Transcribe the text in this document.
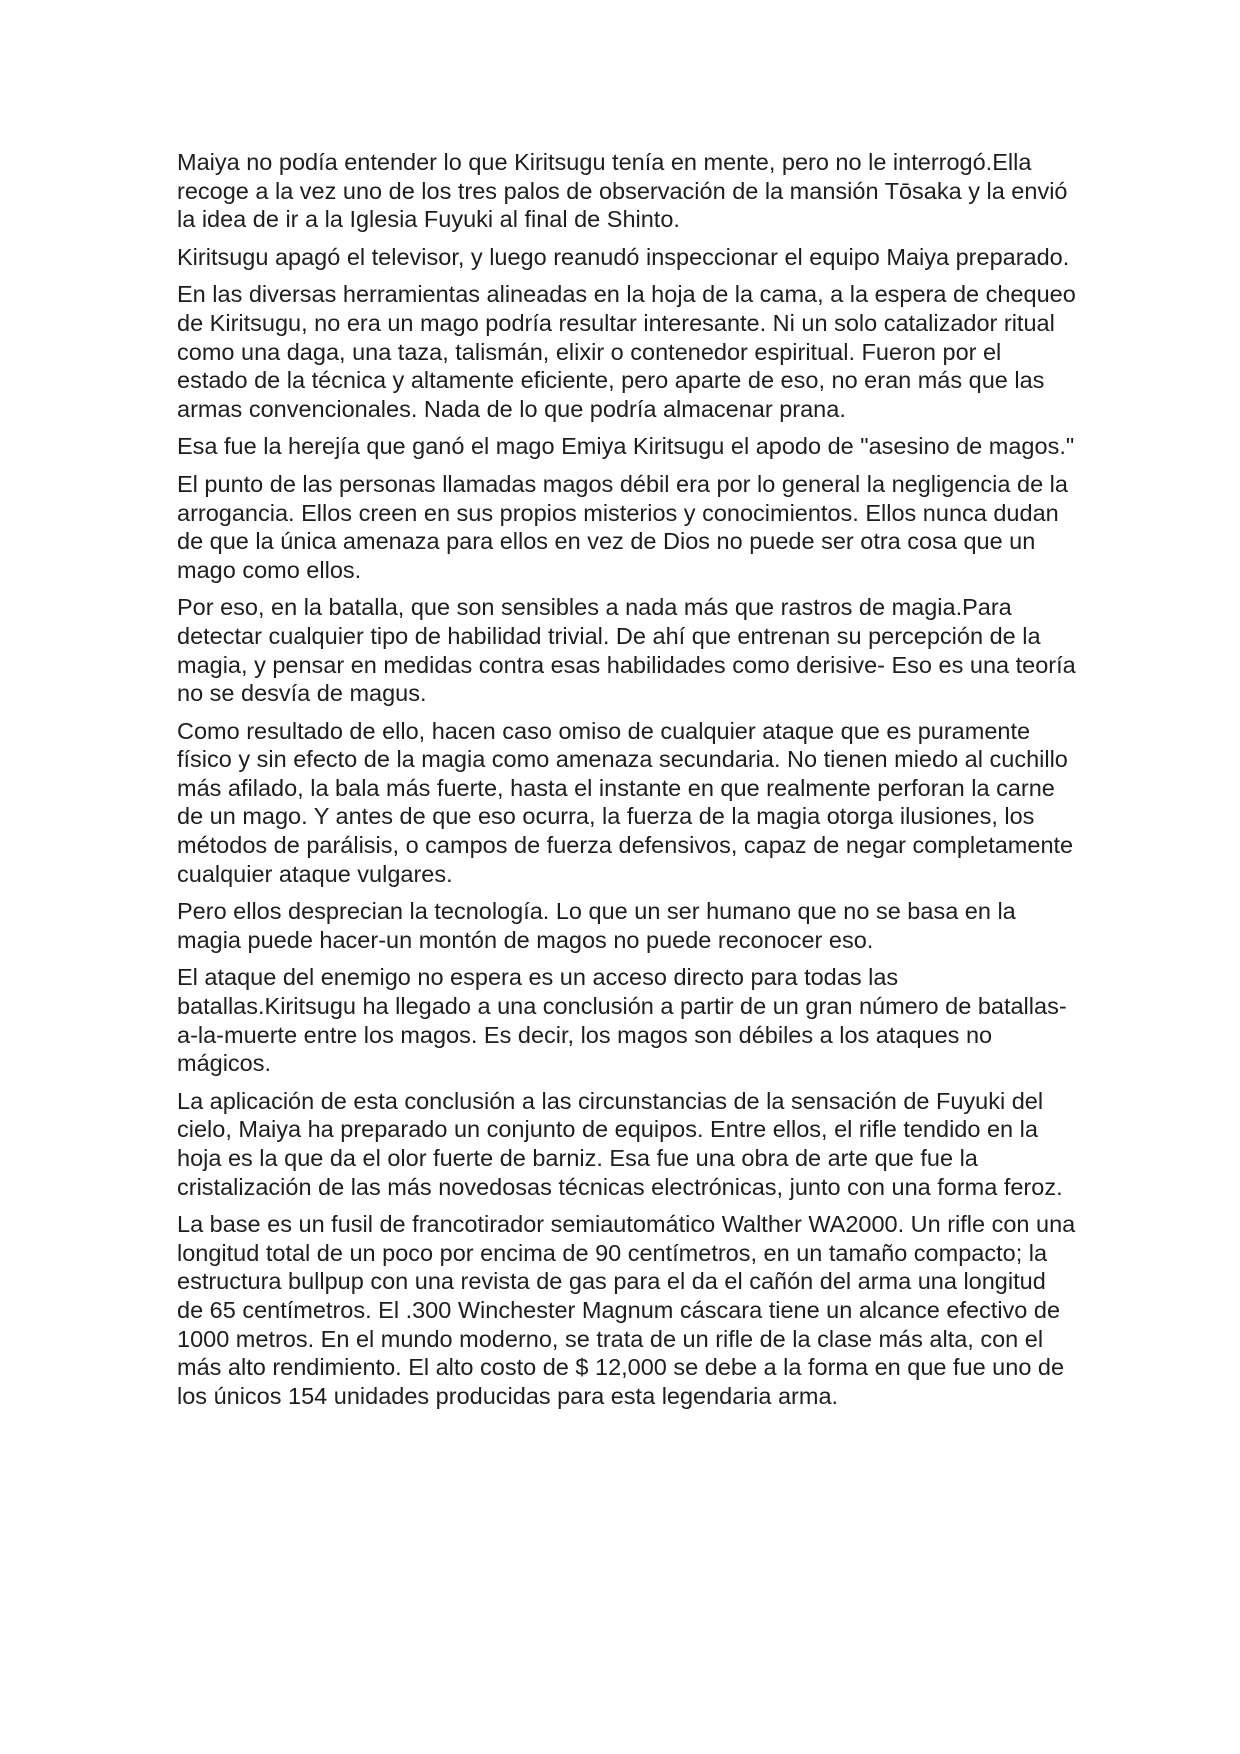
Maiya no podía entender lo que Kiritsugu tenía en mente, pero no le interrogó.Ella recoge a la vez uno de los tres palos de observación de la mansión Tōsaka y la envió la idea de ir a la Iglesia Fuyuki al final de Shinto.

Kiritsugu apagó el televisor, y luego reanudó inspeccionar el equipo Maiya preparado.

En las diversas herramientas alineadas en la hoja de la cama, a la espera de chequeo de Kiritsugu, no era un mago podría resultar interesante. Ni un solo catalizador ritual como una daga, una taza, talismán, elixir o contenedor espiritual. Fueron por el estado de la técnica y altamente eficiente, pero aparte de eso, no eran más que las armas convencionales. Nada de lo que podría almacenar prana.

Esa fue la herejía que ganó el mago Emiya Kiritsugu el apodo de "asesino de magos."

El punto de las personas llamadas magos débil era por lo general la negligencia de la arrogancia. Ellos creen en sus propios misterios y conocimientos. Ellos nunca dudan de que la única amenaza para ellos en vez de Dios no puede ser otra cosa que un mago como ellos.

Por eso, en la batalla, que son sensibles a nada más que rastros de magia.Para detectar cualquier tipo de habilidad trivial. De ahí que entrenan su percepción de la magia, y pensar en medidas contra esas habilidades como derisive- Eso es una teoría no se desvía de magus.

Como resultado de ello, hacen caso omiso de cualquier ataque que es puramente físico y sin efecto de la magia como amenaza secundaria. No tienen miedo al cuchillo más afilado, la bala más fuerte, hasta el instante en que realmente perforan la carne de un mago. Y antes de que eso ocurra, la fuerza de la magia otorga ilusiones, los métodos de parálisis, o campos de fuerza defensivos, capaz de negar completamente cualquier ataque vulgares.

Pero ellos desprecian la tecnología. Lo que un ser humano que no se basa en la magia puede hacer-un montón de magos no puede reconocer eso.

El ataque del enemigo no espera es un acceso directo para todas las batallas.Kiritsugu ha llegado a una conclusión a partir de un gran número de batallas-a-la-muerte entre los magos. Es decir, los magos son débiles a los ataques no mágicos.

La aplicación de esta conclusión a las circunstancias de la sensación de Fuyuki del cielo, Maiya ha preparado un conjunto de equipos. Entre ellos, el rifle tendido en la hoja es la que da el olor fuerte de barniz. Esa fue una obra de arte que fue la cristalización de las más novedosas técnicas electrónicas, junto con una forma feroz.

La base es un fusil de francotirador semiautomático Walther WA2000. Un rifle con una longitud total de un poco por encima de 90 centímetros, en un tamaño compacto; la estructura bullpup con una revista de gas para el da el cañón del arma una longitud de 65 centímetros. El .300 Winchester Magnum cáscara tiene un alcance efectivo de 1000 metros. En el mundo moderno, se trata de un rifle de la clase más alta, con el más alto rendimiento. El alto costo de $ 12,000 se debe a la forma en que fue uno de los únicos 154 unidades producidas para esta legendaria arma.
